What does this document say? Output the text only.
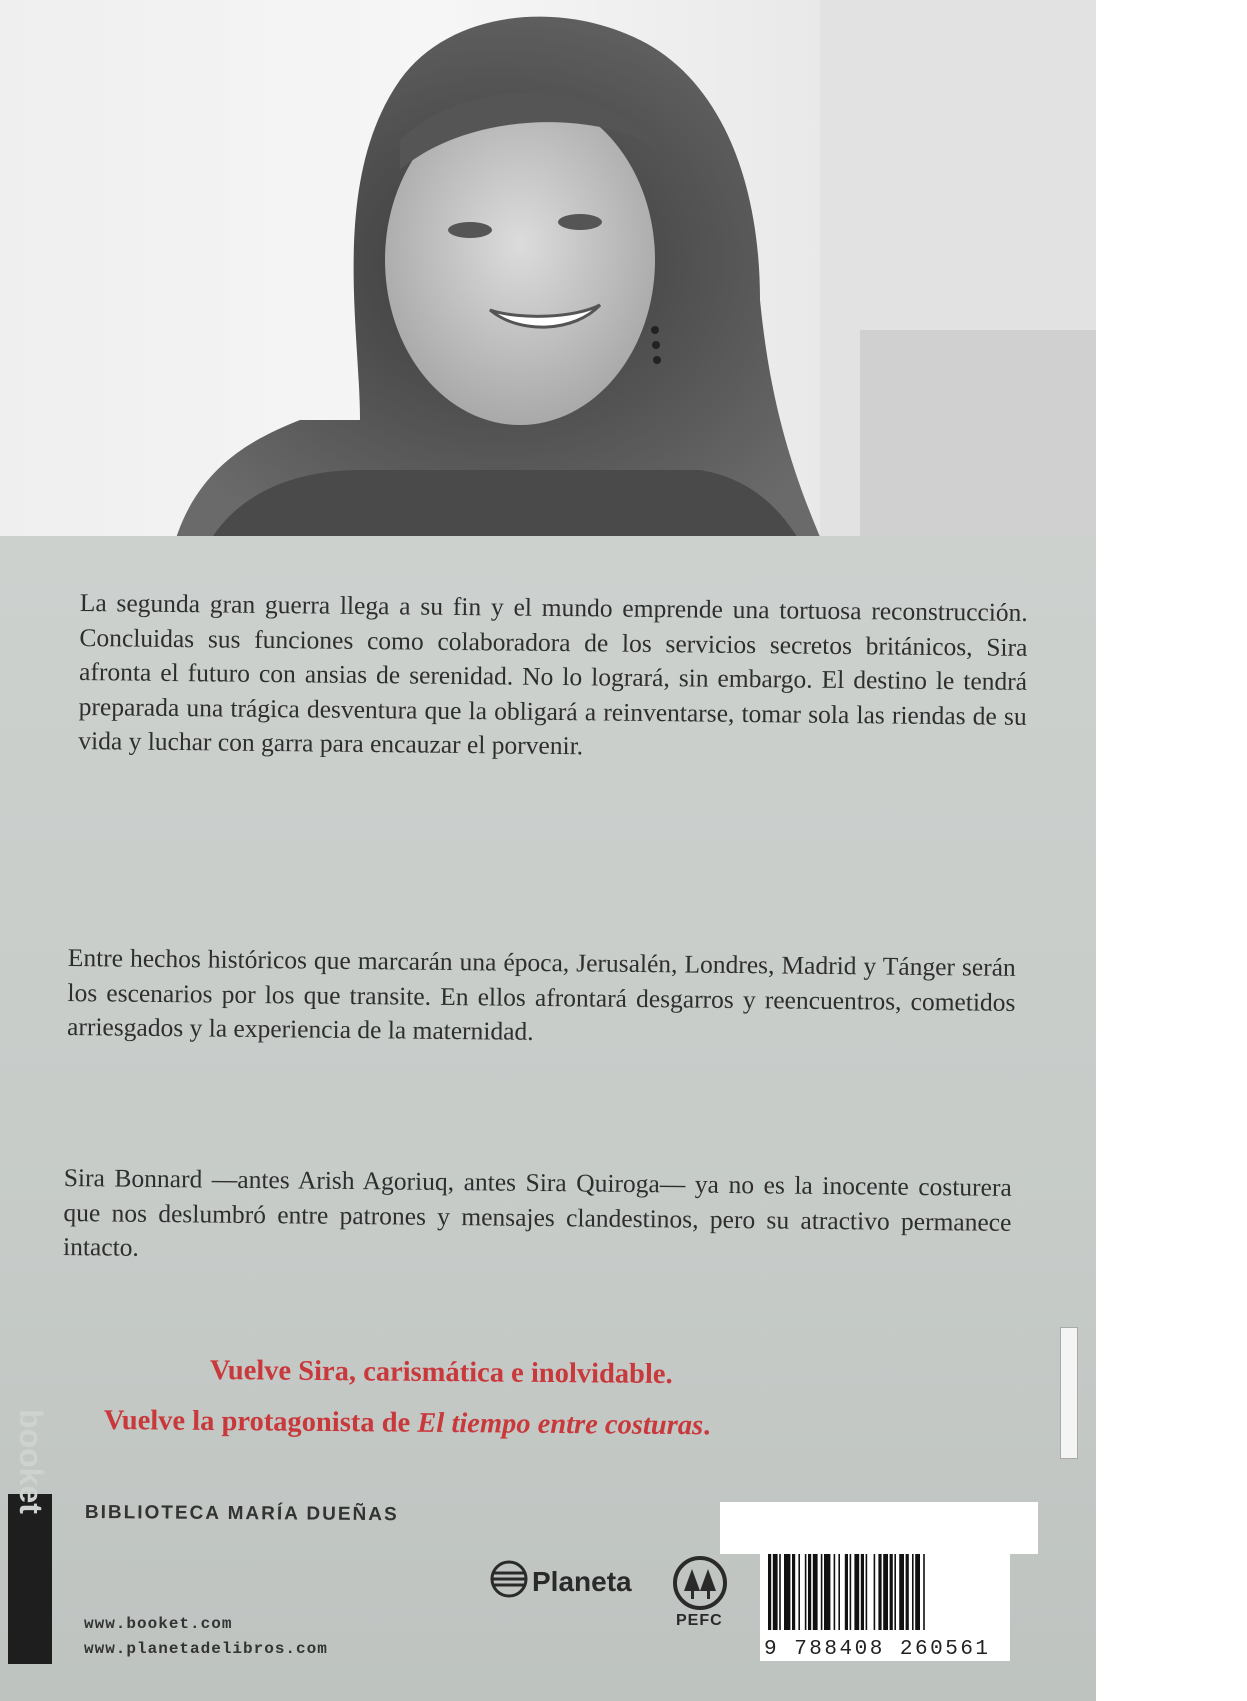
La segunda gran guerra llega a su fin y el mundo emprende una tortuosa reconstrucción. Concluidas sus funciones como colaboradora de los servicios secretos británicos, Sira afronta el futuro con ansias de serenidad. No lo logrará, sin embargo. El destino le tendrá preparada una trágica desventura que la obligará a reinventarse, tomar sola las riendas de su vida y luchar con garra para encauzar el porvenir.

Entre hechos históricos que marcarán una época, Jerusalén, Londres, Madrid y Tánger serán los escenarios por los que transite. En ellos afrontará desgarros y reencuentros, cometidos arriesgados y la experiencia de la maternidad.

Sira Bonnard —antes Arish Agoriuq, antes Sira Quiroga— ya no es la inocente costurera que nos deslumbró entre patrones y mensajes clandestinos, pero su atractivo permanece intacto.

Vuelve Sira, carismática e inolvidable.
Vuelve la protagonista de El tiempo entre costuras.
BIBLIOTECA MARÍA DUEÑAS
booket
www.booket.com
www.planetadelibros.com
Planeta
PEFC
9 788408 260561
